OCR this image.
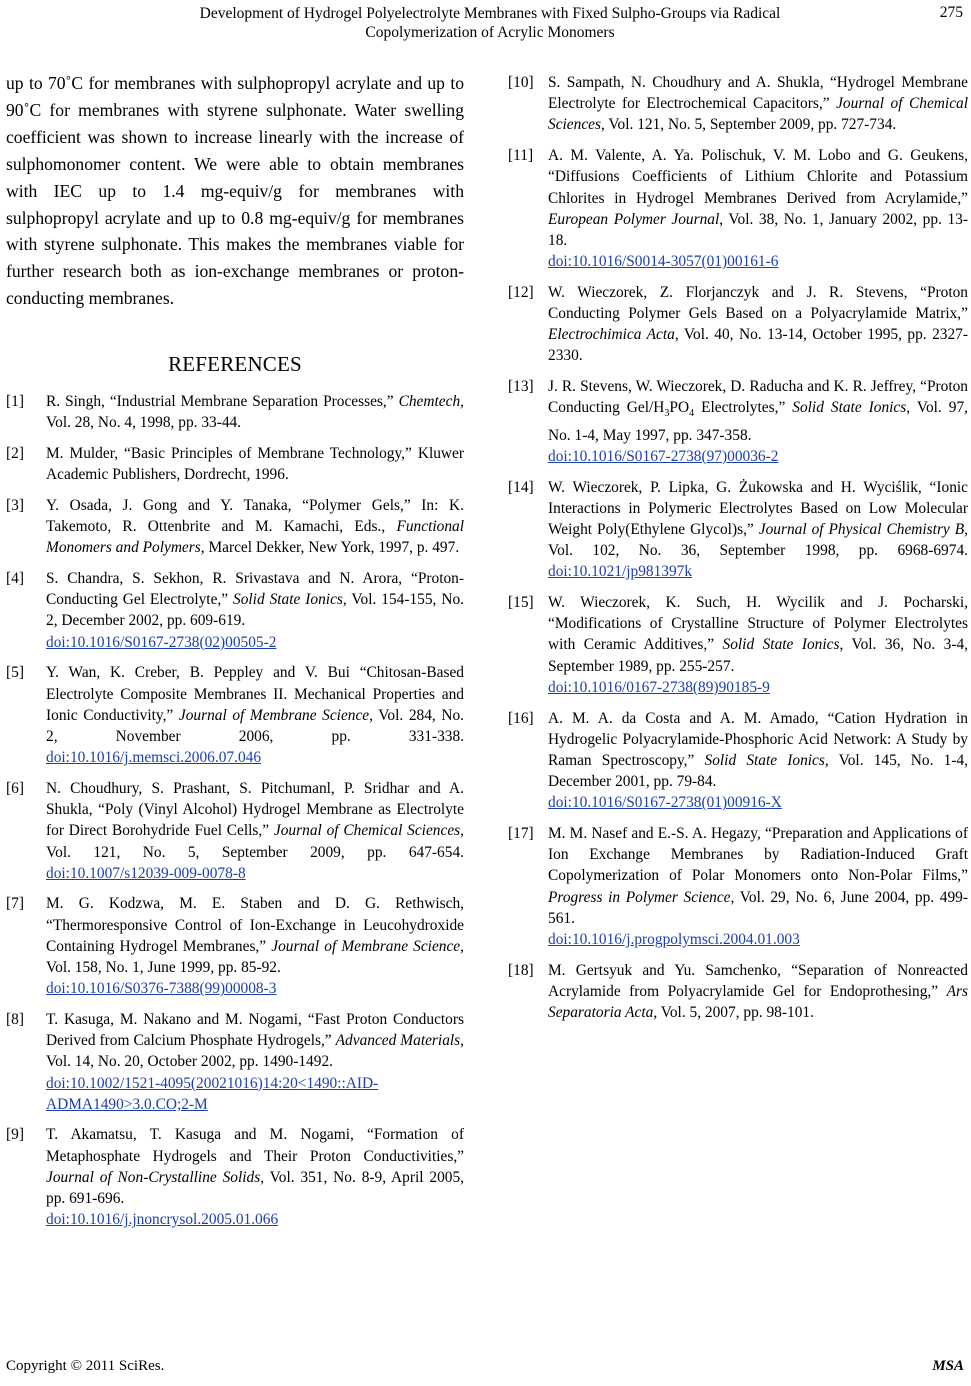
Development of Hydrogel Polyelectrolyte Membranes with Fixed Sulpho-Groups via Radical
Copolymerization of Acrylic Monomers
275

up to 70˚C for membranes with sulphopropyl acrylate and up to 90˚C for membranes with styrene sulphonate. Water swelling coefficient was shown to increase linearly with the increase of sulphomonomer content. We were able to obtain membranes with IEC up to 1.4 mg-equiv/g for membranes with sulphopropyl acrylate and up to 0.8 mg-equiv/g for membranes with styrene sulphonate. This makes the membranes viable for further research both as ion-exchange membranes or proton-conducting membranes.

REFERENCES
[1]	R. Singh, “Industrial Membrane Separation Processes,” Chemtech, Vol. 28, No. 4, 1998, pp. 33-44.
[2]	M. Mulder, “Basic Principles of Membrane Technology,” Kluwer Academic Publishers, Dordrecht, 1996.
[3]	Y. Osada, J. Gong and Y. Tanaka, “Polymer Gels,” In: K. Takemoto, R. Ottenbrite and M. Kamachi, Eds., Functional Monomers and Polymers, Marcel Dekker, New York, 1997, p. 497.
[4]	S. Chandra, S. Sekhon, R. Srivastava and N. Arora, “Proton-Conducting Gel Electrolyte,” Solid State Ionics, Vol. 154-155, No. 2, December 2002, pp. 609-619.
doi:10.1016/S0167-2738(02)00505-2
[5]	Y. Wan, K. Creber, B. Peppley and V. Bui “Chitosan-Based Electrolyte Composite Membranes II. Mechanical Properties and Ionic Conductivity,” Journal of Membrane Science, Vol. 284, No. 2, November 2006, pp. 331-338. doi:10.1016/j.memsci.2006.07.046
[6]	N. Choudhury, S. Prashant, S. Pitchumanl, P. Sridhar and A. Shukla, “Poly (Vinyl Alcohol) Hydrogel Membrane as Electrolyte for Direct Borohydride Fuel Cells,” Journal of Chemical Sciences, Vol. 121, No. 5, September 2009, pp. 647-654. doi:10.1007/s12039-009-0078-8
[7]	M. G. Kodzwa, M. E. Staben and D. G. Rethwisch, “Thermoresponsive Control of Ion-Exchange in Leucohydroxide Containing Hydrogel Membranes,” Journal of Membrane Science, Vol. 158, No. 1, June 1999, pp. 85-92.
doi:10.1016/S0376-7388(99)00008-3
[8]	T. Kasuga, M. Nakano and M. Nogami, “Fast Proton Conductors Derived from Calcium Phosphate Hydrogels,” Advanced Materials, Vol. 14, No. 20, October 2002, pp. 1490-1492.
doi:10.1002/1521-4095(20021016)14:20<1490::AID-ADMA1490>3.0.CO;2-M
[9]	T. Akamatsu, T. Kasuga and M. Nogami, “Formation of Metaphosphate Hydrogels and Their Proton Conductivities,” Journal of Non-Crystalline Solids, Vol. 351, No. 8-9, April 2005, pp. 691-696.
doi:10.1016/j.jnoncrysol.2005.01.066
[10] S. Sampath, N. Choudhury and A. Shukla, “Hydrogel Membrane Electrolyte for Electrochemical Capacitors,” Journal of Chemical Sciences, Vol. 121, No. 5, September 2009, pp. 727-734.
[11] A. M. Valente, A. Ya. Polischuk, V. M. Lobo and G. Geukens, “Diffusions Coefficients of Lithium Chlorite and Potassium Chlorites in Hydrogel Membranes Derived from Acrylamide,” European Polymer Journal, Vol. 38, No. 1, January 2002, pp. 13-18.
doi:10.1016/S0014-3057(01)00161-6
[12] W. Wieczorek, Z. Florjanczyk and J. R. Stevens, “Proton Conducting Polymer Gels Based on a Polyacrylamide Matrix,” Electrochimica Acta, Vol. 40, No. 13-14, October 1995, pp. 2327-2330.
[13] J. R. Stevens, W. Wieczorek, D. Raducha and K. R. Jeffrey, “Proton Conducting Gel/$H_3PO_4$ Electrolytes,” Solid State Ionics, Vol. 97, No. 1-4, May 1997, pp. 347-358.
doi:10.1016/S0167-2738(97)00036-2
[14] W. Wieczorek, P. Lipka, G. Żukowska and H. Wyciślik, “Ionic Interactions in Polymeric Electrolytes Based on Low Molecular Weight Poly(Ethylene Glycol)s,” Journal of Physical Chemistry B, Vol. 102, No. 36, September 1998, pp. 6968-6974. doi:10.1021/jp981397k
[15] W. Wieczorek, K. Such, H. Wycilik and J. Pocharski, “Modifications of Crystalline Structure of Polymer Electrolytes with Ceramic Additives,” Solid State Ionics, Vol. 36, No. 3-4, September 1989, pp. 255-257.
doi:10.1016/0167-2738(89)90185-9
[16] A. M. A. da Costa and A. M. Amado, “Cation Hydration in Hydrogelic Polyacrylamide-Phosphoric Acid Network: A Study by Raman Spectroscopy,” Solid State Ionics, Vol. 145, No. 1-4, December 2001, pp. 79-84.
doi:10.1016/S0167-2738(01)00916-X
[17] M. M. Nasef and E.-S. A. Hegazy, “Preparation and Applications of Ion Exchange Membranes by Radiation-Induced Graft Copolymerization of Polar Monomers onto Non-Polar Films,” Progress in Polymer Science, Vol. 29, No. 6, June 2004, pp. 499-561.
doi:10.1016/j.progpolymsci.2004.01.003
[18] M. Gertsyuk and Yu. Samchenko, “Separation of Nonreacted Acrylamide from Polyacrylamide Gel for Endoprothesing,” Ars Separatoria Acta, Vol. 5, 2007, pp. 98-101.
Copyright © 2011 SciRes.	MSA
